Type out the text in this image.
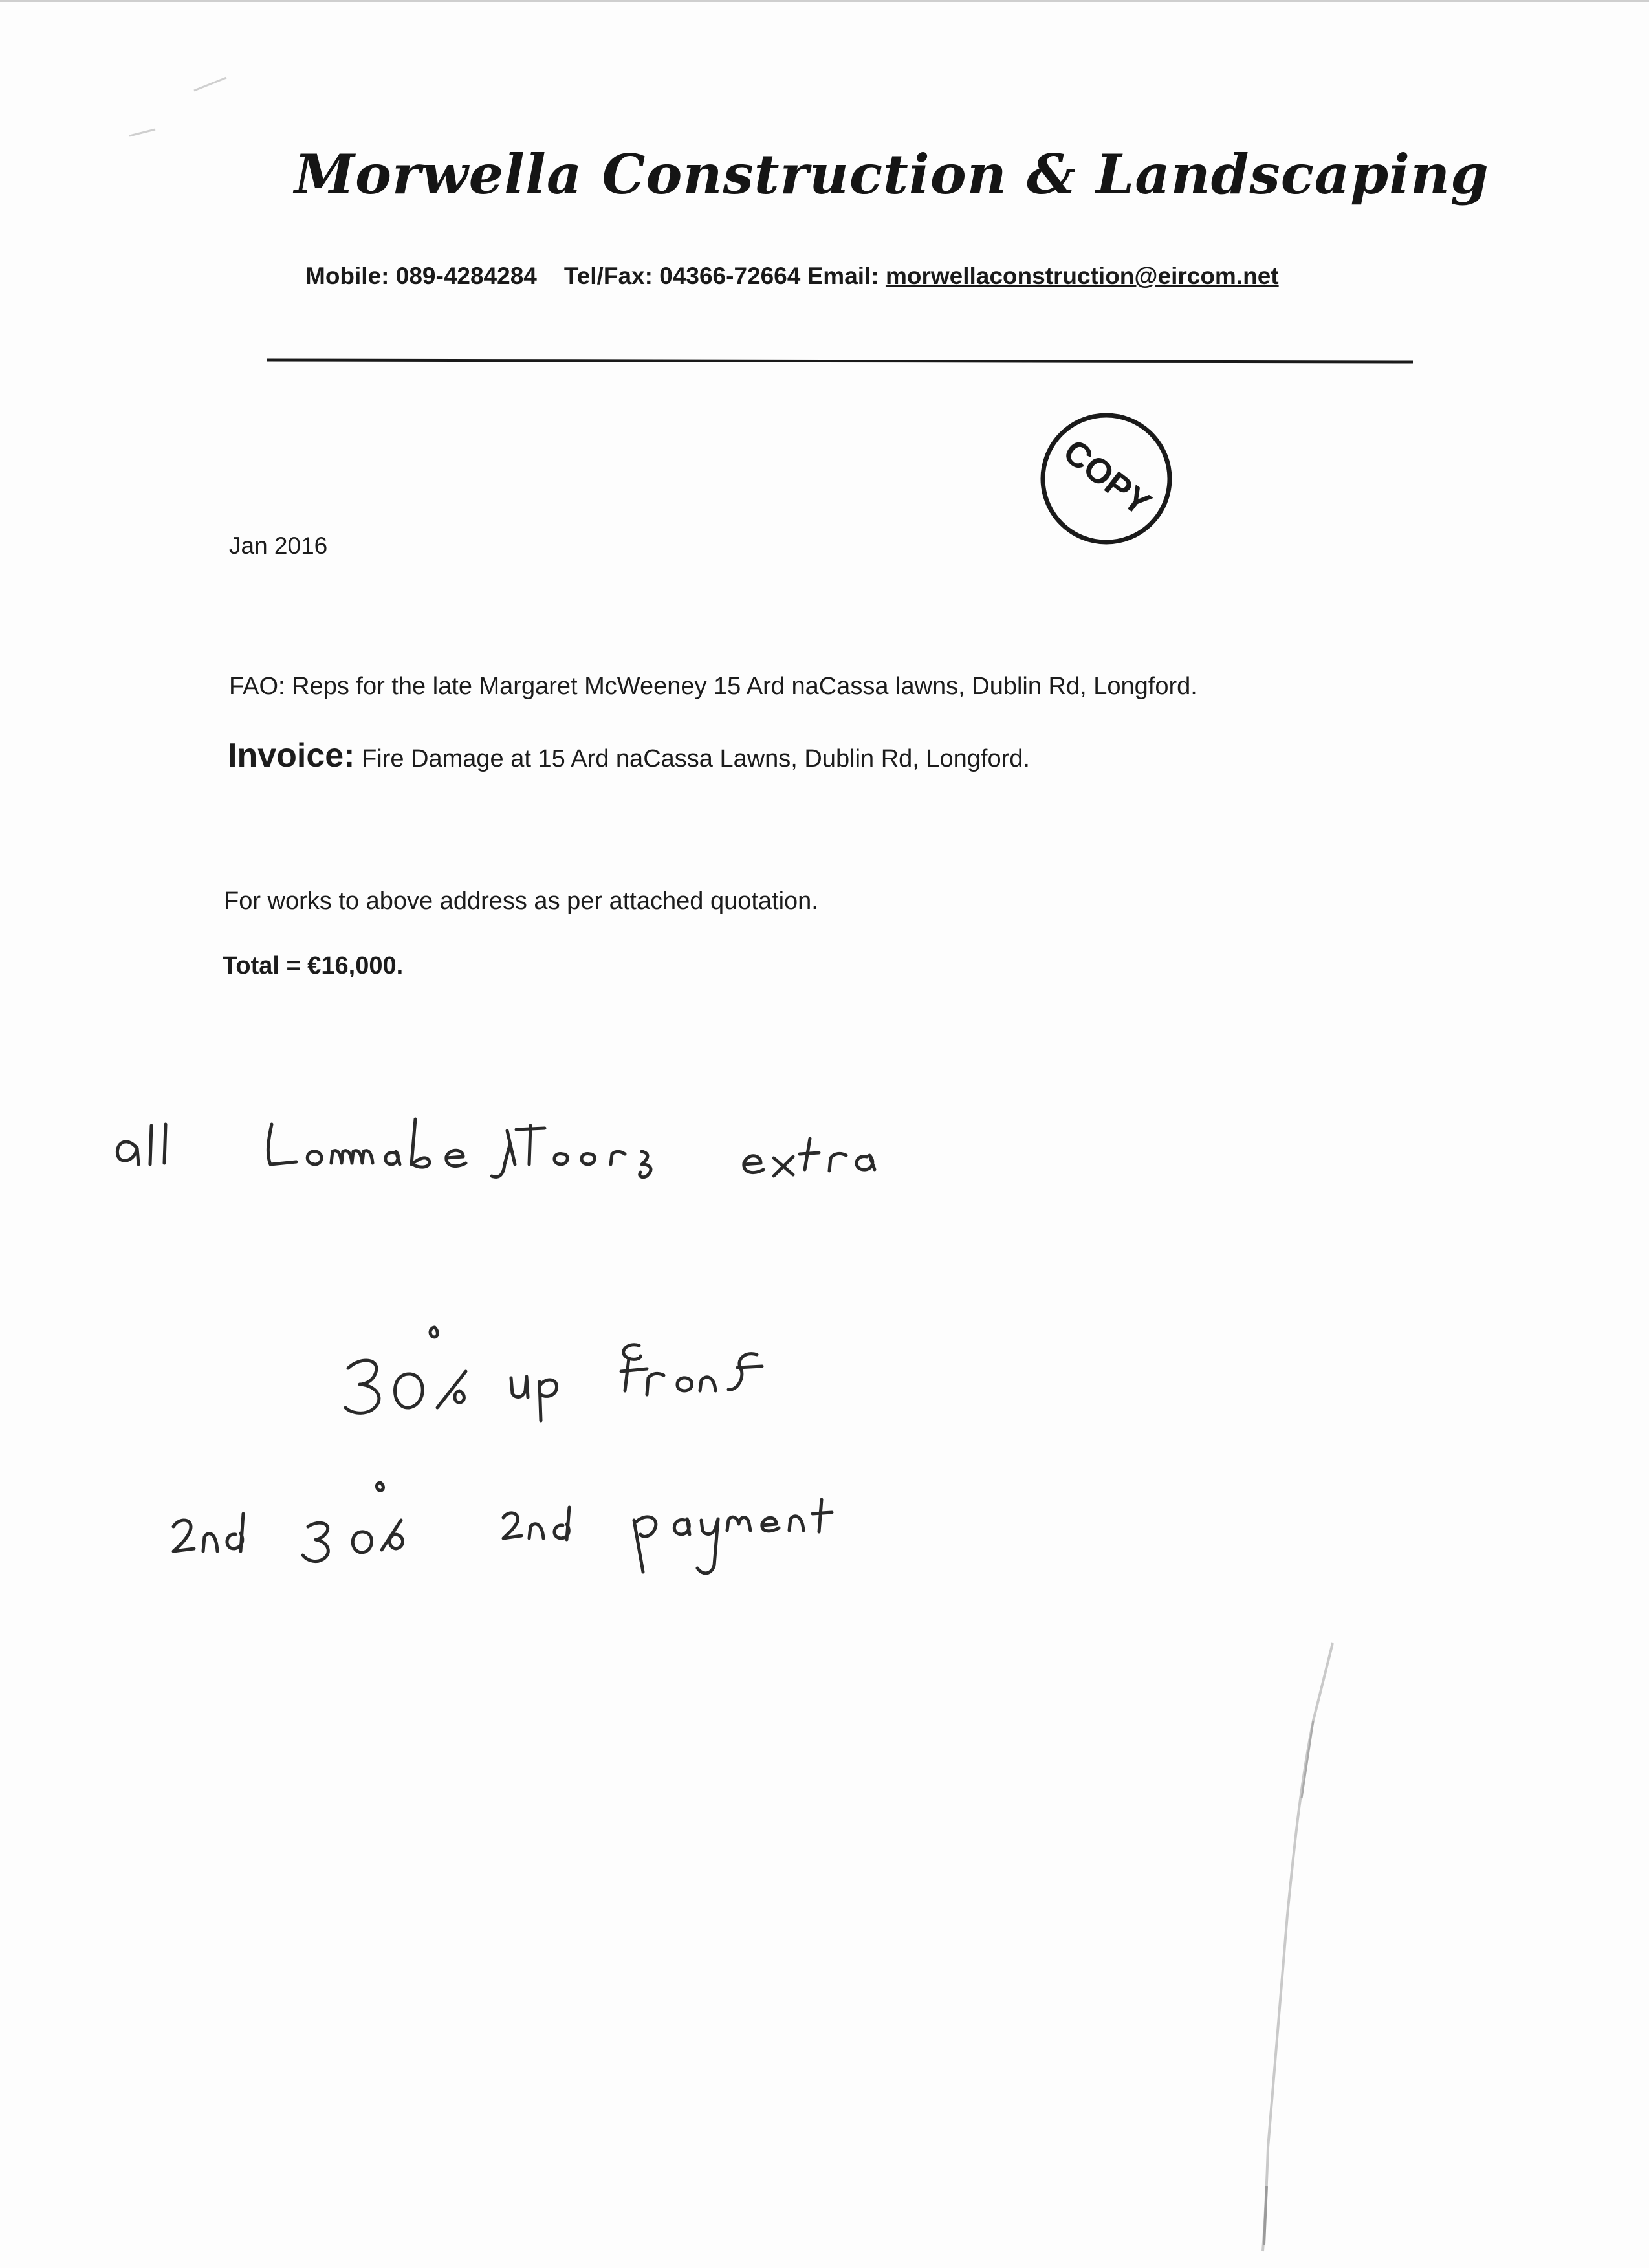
Morwella Construction & Landscaping
Mobile: 089-4284284 Tel/Fax: 04366-72664 Email: morwellaconstruction@eircom.net
COPY
Jan 2016
FAO: Reps for the late Margaret McWeeney 15 Ard naCassa lawns, Dublin Rd, Longford.
Invoice: Fire Damage at 15 Ard naCassa Lawns, Dublin Rd, Longford.
For works to above address as per attached quotation.
Total = €16,000.
